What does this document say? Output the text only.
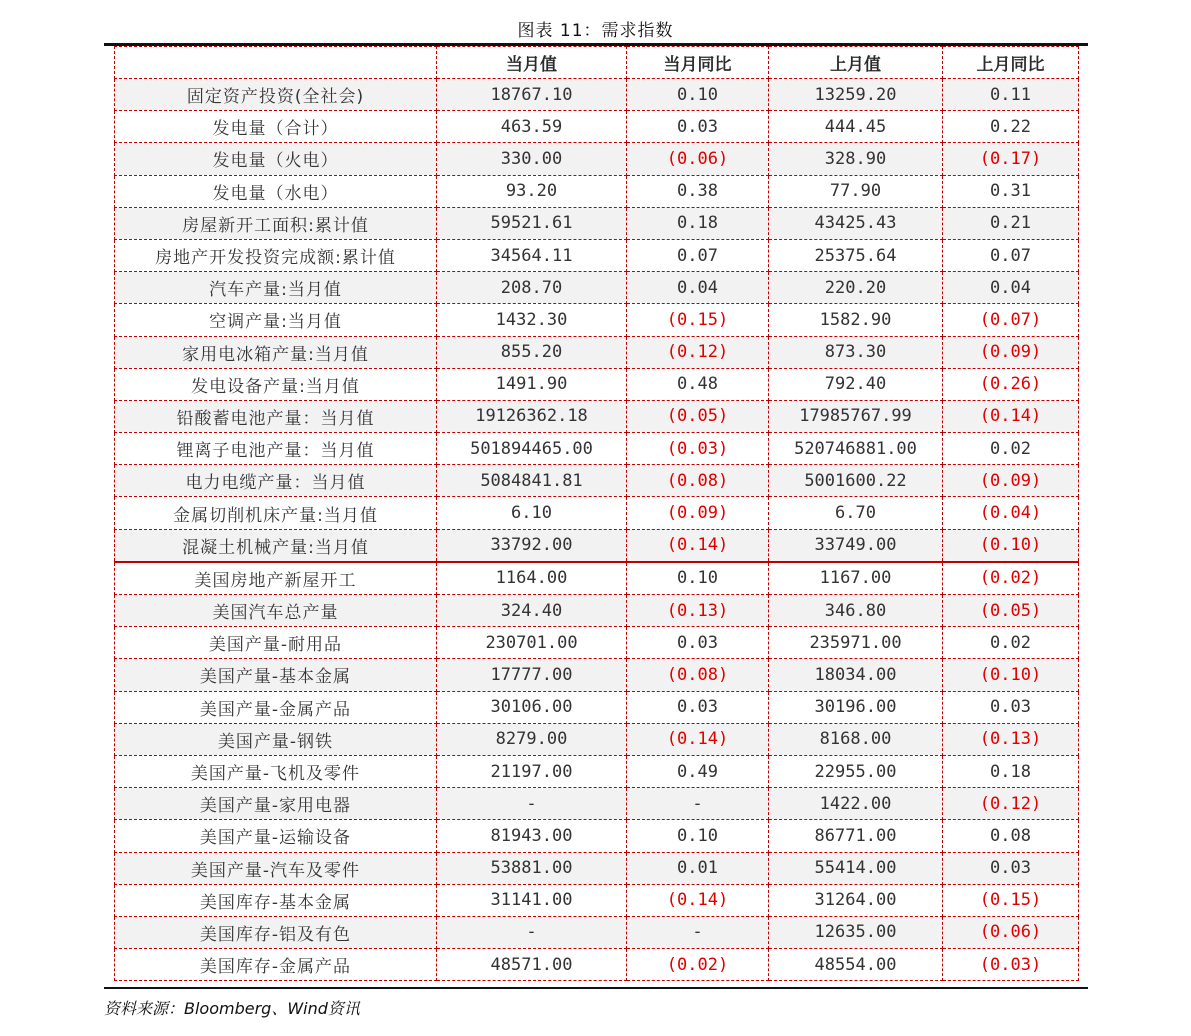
图表 11：需求指数
	当月值	当月同比	上月值	上月同比
固定资产投资(全社会)	18767.10	0.10	13259.20	0.11
发电量（合计）	463.59	0.03	444.45	0.22
发电量（火电）	330.00	(0.06)	328.90	(0.17)
发电量（水电）	93.20	0.38	77.90	0.31
房屋新开工面积:累计值	59521.61	0.18	43425.43	0.21
房地产开发投资完成额:累计值	34564.11	0.07	25375.64	0.07
汽车产量:当月值	208.70	0.04	220.20	0.04
空调产量:当月值	1432.30	(0.15)	1582.90	(0.07)
家用电冰箱产量:当月值	855.20	(0.12)	873.30	(0.09)
发电设备产量:当月值	1491.90	0.48	792.40	(0.26)
铅酸蓄电池产量：当月值	19126362.18	(0.05)	17985767.99	(0.14)
锂离子电池产量：当月值	501894465.00	(0.03)	520746881.00	0.02
电力电缆产量：当月值	5084841.81	(0.08)	5001600.22	(0.09)
金属切削机床产量:当月值	6.10	(0.09)	6.70	(0.04)
混凝土机械产量:当月值	33792.00	(0.14)	33749.00	(0.10)
美国房地产新屋开工	1164.00	0.10	1167.00	(0.02)
美国汽车总产量	324.40	(0.13)	346.80	(0.05)
美国产量-耐用品	230701.00	0.03	235971.00	0.02
美国产量-基本金属	17777.00	(0.08)	18034.00	(0.10)
美国产量-金属产品	30106.00	0.03	30196.00	0.03
美国产量-钢铁	8279.00	(0.14)	8168.00	(0.13)
美国产量-飞机及零件	21197.00	0.49	22955.00	0.18
美国产量-家用电器	-	-	1422.00	(0.12)
美国产量-运输设备	81943.00	0.10	86771.00	0.08
美国产量-汽车及零件	53881.00	0.01	55414.00	0.03
美国库存-基本金属	31141.00	(0.14)	31264.00	(0.15)
美国库存-铝及有色	-	-	12635.00	(0.06)
美国库存-金属产品	48571.00	(0.02)	48554.00	(0.03)
资料来源：Bloomberg、Wind资讯
